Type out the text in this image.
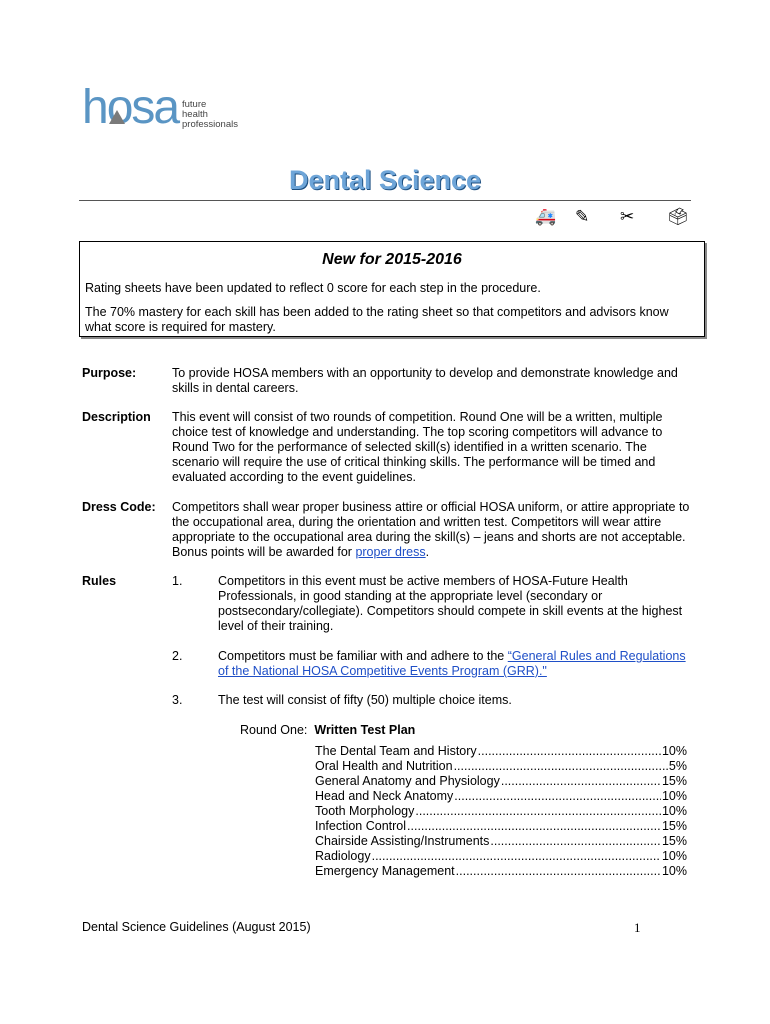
hosa future
health
professionals
Dental Science
🚑 ✎ ✂ 🗳
New for 2015-2016

Rating sheets have been updated to reflect 0 score for each step in the procedure.

The 70% mastery for each skill has been added to the rating sheet so that competitors and advisors know what score is required for mastery.

Purpose:	To provide HOSA members with an opportunity to develop and demonstrate knowledge and skills in dental careers.
Description	This event will consist of two rounds of competition. Round One will be a written, multiple choice test of knowledge and understanding. The top scoring competitors will advance to Round Two for the performance of selected skill(s) identified in a written scenario. The scenario will require the use of critical thinking skills. The performance will be timed and evaluated according to the event guidelines.
Dress Code:	Competitors shall wear proper business attire or official HOSA uniform, or attire appropriate to the occupational area, during the orientation and written test. Competitors will wear attire appropriate to the occupational area during the skill(s) – jeans and shorts are not acceptable. Bonus points will be awarded for proper dress.
Rules	1.	Competitors in this event must be active members of HOSA-Future Health Professionals, in good standing at the appropriate level (secondary or postsecondary/collegiate). Competitors should compete in skill events at the highest level of their training.
2.	Competitors must be familiar with and adhere to the “General Rules and Regulations of the National HOSA Competitive Events Program (GRR)."
3.	The test will consist of fifty (50) multiple choice items.
Round One: Written Test Plan
The Dental Team and History .....	10%
Oral Health and Nutrition .....	5%
General Anatomy and Physiology .....	15%
Head and Neck Anatomy .....	10%
Tooth Morphology .....	10%
Infection Control .....	15%
Chairside Assisting/Instruments .....	15%
Radiology .....	10%
Emergency Management .....	10%
Dental Science Guidelines (August 2015)	1
